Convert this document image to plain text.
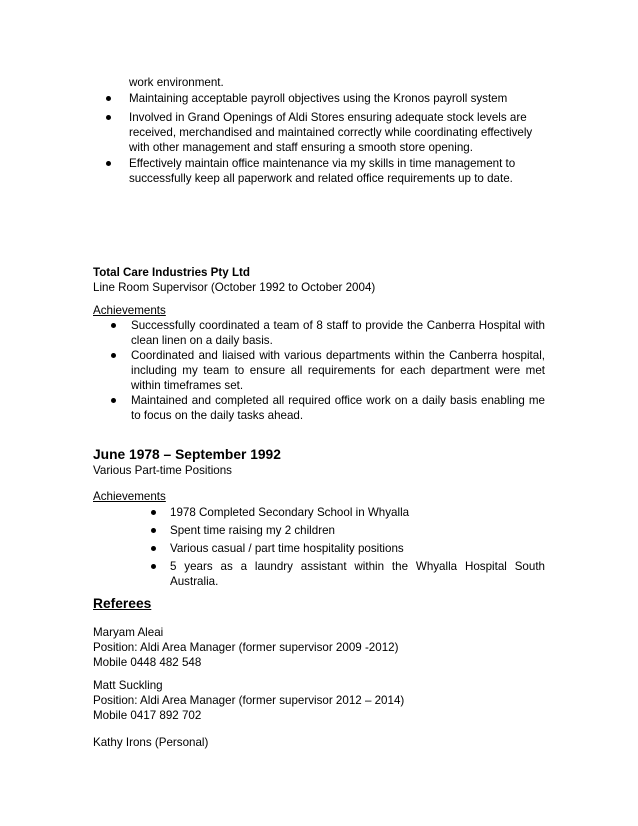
work environment.
Maintaining acceptable payroll objectives using the Kronos payroll system
Involved in Grand Openings of Aldi Stores ensuring adequate stock levels are
received, merchandised and maintained correctly while coordinating effectively
with other management and staff ensuring a smooth store opening.
Effectively maintain office maintenance via my skills in time management to
successfully keep all paperwork and related office requirements up to date.
Total Care Industries Pty Ltd
Line Room Supervisor (October 1992 to October 2004)
Achievements
Successfully coordinated a team of 8 staff to provide the Canberra Hospital with
clean linen on a daily basis.
Coordinated and liaised with various departments within the Canberra hospital,
including my team to ensure all requirements for each department were met
within timeframes set.
Maintained and completed all required office work on a daily basis enabling me
to focus on the daily tasks ahead.
June 1978 – September 1992
Various Part-time Positions
Achievements
1978 Completed Secondary School in Whyalla
Spent time raising my 2 children
Various casual / part time hospitality positions
5 years as a laundry assistant within the Whyalla Hospital South
Australia.
Referees
Maryam Aleai
Position: Aldi Area Manager (former supervisor 2009 -2012)
Mobile 0448 482 548
Matt Suckling
Position: Aldi Area Manager (former supervisor 2012 – 2014)
Mobile 0417 892 702
Kathy Irons (Personal)
